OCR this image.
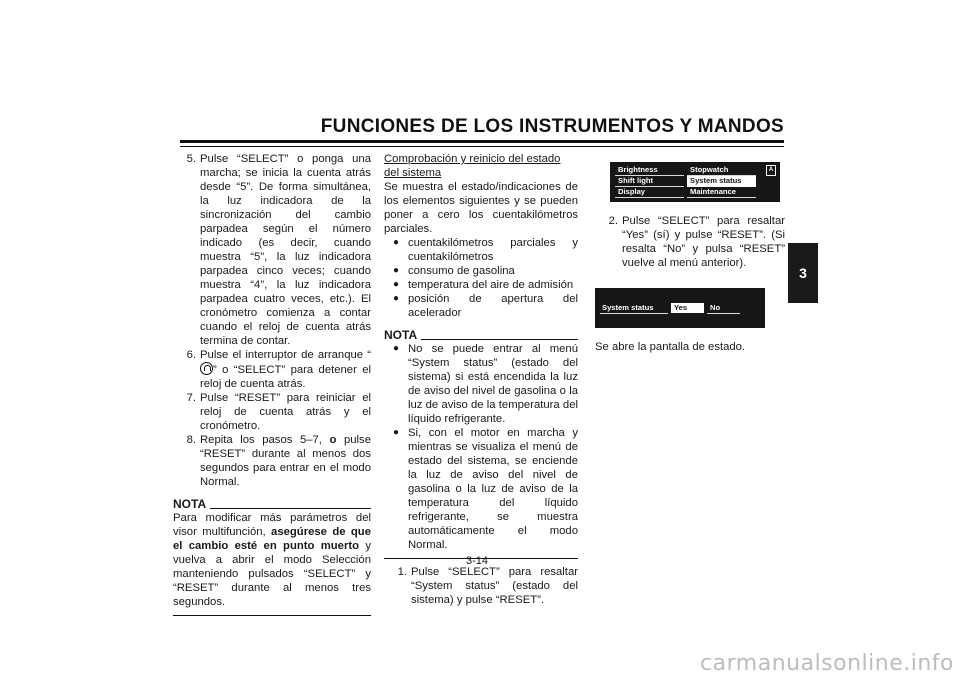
FUNCIONES DE LOS INSTRUMENTOS Y MANDOS
3
5. Pulse “SELECT” o ponga una marcha; se inicia la cuenta atrás desde “5”. De forma simultánea, la luz indicadora de la sincronización del cambio parpadea según el número indicado (es decir, cuando muestra “5”, la luz indicadora parpadea cinco veces; cuando muestra “4”, la luz indicadora parpadea cuatro veces, etc.). El cronómetro comienza a contar cuando el reloj de cuenta atrás termina de contar.
6. Pulse el interruptor de arranque “” o “SELECT” para detener el reloj de cuenta atrás.
7. Pulse “RESET” para reiniciar el reloj de cuenta atrás y el cronómetro.
8. Repita los pasos 5–7, o pulse “RESET” durante al menos dos segundos para entrar en el modo Normal.
NOTA
Para modificar más parámetros del visor multifunción, asegúrese de que el cambio esté en punto muerto y vuelva a abrir el modo Selección manteniendo pulsados “SELECT” y “RESET” durante al menos tres segundos.
Comprobación y reinicio del estado del sistema
Se muestra el estado/indicaciones de los elementos siguientes y se pueden poner a cero los cuentakilómetros parciales.
● cuentakilómetros parciales y cuentakilómetros
● consumo de gasolina
● temperatura del aire de admisión
● posición de apertura del acelerador
NOTA
● No se puede entrar al menú “System status” (estado del sistema) si está encendida la luz de aviso del nivel de gasolina o la luz de aviso de la temperatura del líquido refrigerante.
● Si, con el motor en marcha y mientras se visualiza el menú de estado del sistema, se enciende la luz de aviso del nivel de gasolina o la luz de aviso de la temperatura del líquido refrigerante, se muestra automáticamente el modo Normal.
1. Pulse “SELECT” para resaltar “System status” (estado del sistema) y pulse “RESET”.
Brightness	Stopwatch
Shift light	System status
Display	Maintenance
A
2. Pulse “SELECT” para resaltar “Yes” (sí) y pulse “RESET”. (Si resalta “No” y pulsa “RESET” vuelve al menú anterior).
System status	Yes	No
Se abre la pantalla de estado.
3-14
carmanualsonline.info
